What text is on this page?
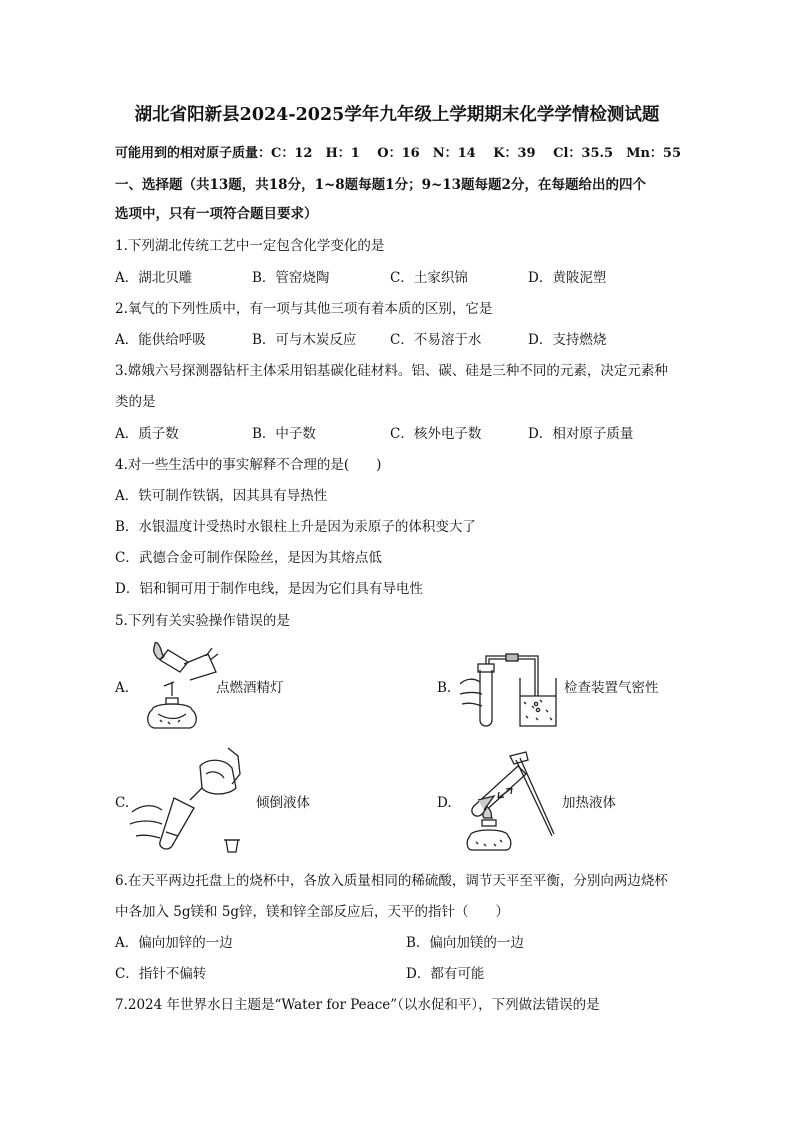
湖北省阳新县2024-2025学年九年级上学期期末化学学情检测试题
可能用到的相对原子质量：C：12　H：1　 O：16　N：14　 K：39　 Cl：35.5　Mn：55
一、选择题（共13题，共18分，1~8题每题1分；9~13题每题2分，在每题给出的四个
选项中，只有一项符合题目要求）
1.下列湖北传统工艺中一定包含化学变化的是
A．湖北贝雕	B．管窑烧陶	C．土家织锦	D．黄陂泥塑
2.氧气的下列性质中，有一项与其他三项有着本质的区别，它是
A．能供给呼吸	B．可与木炭反应 C．不易溶于水	D．支持燃烧
3.嫦娥六号探测器钻杆主体采用铝基碳化硅材料。铝、碳、硅是三种不同的元素，决定元素种
类的是
A．质子数	B．中子数	C．核外电子数	D．相对原子质量
4.对一些生活中的事实解释不合理的是(　　)
A．铁可制作铁锅，因其具有导热性
B．水银温度计受热时水银柱上升是因为汞原子的体积变大了
C．武德合金可制作保险丝，是因为其熔点低
D．铝和铜可用于制作电线，是因为它们具有导电性
5.下列有关实验操作错误的是
A.	点燃酒精灯	B.	检查装置气密性
C.	倾倒液体	D.	加热液体
6.在天平两边托盘上的烧杯中，各放入质量相同的稀硫酸，调节天平至平衡，分别向两边烧杯
中各加入 5g镁和 5g锌，镁和锌全部反应后，天平的指针（　　）
A．偏向加锌的一边	B．偏向加镁的一边
C．指针不偏转	D．都有可能
7.2024 年世界水日主题是“Water for Peace”（以水促和平），下列做法错误的是
